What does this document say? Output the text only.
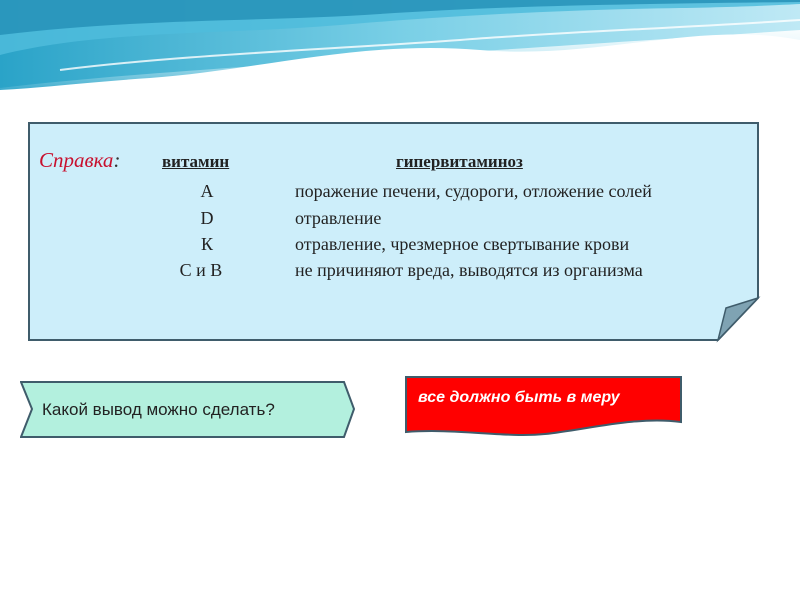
Справка: витамин	гипервитаминоз
А	поражение печени, судороги, отложение солей
D	отравление
К	отравление, чрезмерное свертывание крови
С и В	не причиняют вреда, выводятся из организма
Какой вывод можно сделать?
все должно быть в меру
